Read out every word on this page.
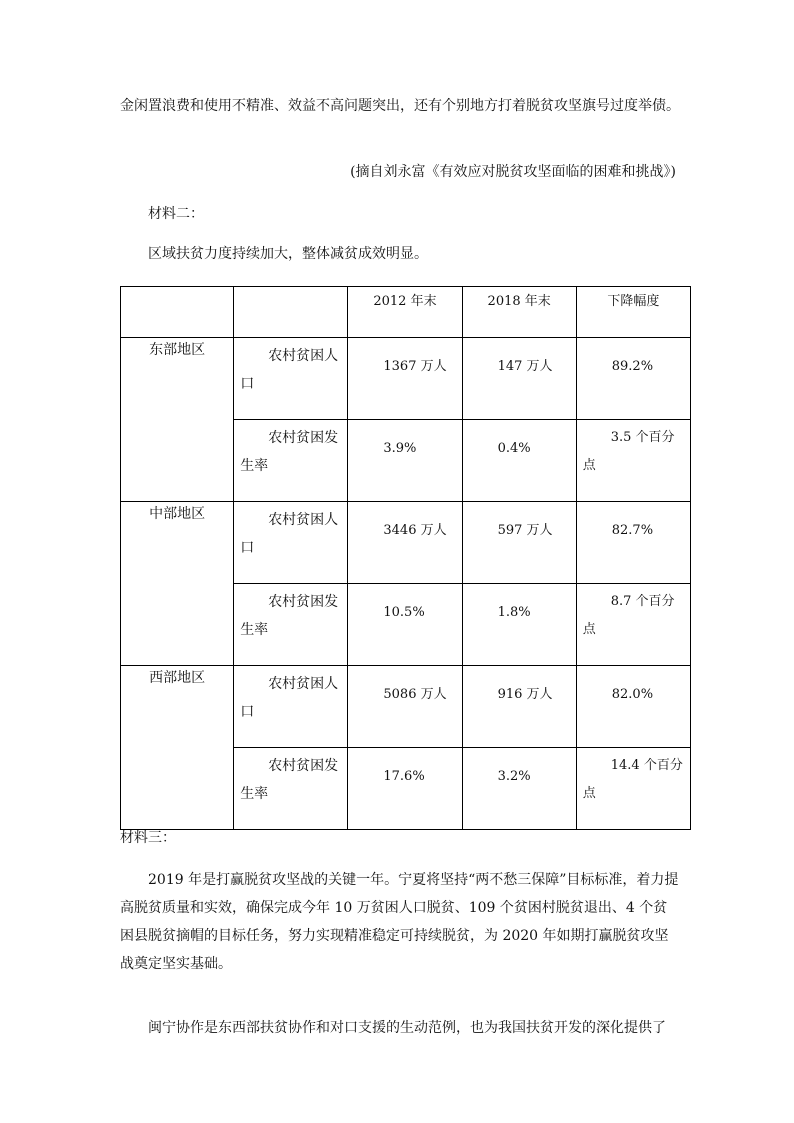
金闲置浪费和使用不精准、效益不高问题突出，还有个别地方打着脱贫攻坚旗号过度举债。

(摘自刘永富《有效应对脱贫攻坚面临的困难和挑战》)

材料二：

区域扶贫力度持续加大，整体减贫成效明显。

		2012 年末	2018 年末	下降幅度

东部地区	农村贫困人口	1367 万人	147 万人	89.2%

	农村贫困发生率	3.9%	0.4%	3.5 个百分点

中部地区	农村贫困人口	3446 万人	597 万人	82.7%

	农村贫困发生率	10.5%	1.8%	8.7 个百分点

西部地区	农村贫困人口	5086 万人	916 万人	82.0%

	农村贫困发生率	17.6%	3.2%	14.4 个百分点

材料三：

2019 年是打赢脱贫攻坚战的关键一年。宁夏将坚持“两不愁三保障”目标标准，着力提高脱贫质量和实效，确保完成今年 10 万贫困人口脱贫、109 个贫困村脱贫退出、4 个贫困县脱贫摘帽的目标任务，努力实现精准稳定可持续脱贫，为 2020 年如期打赢脱贫攻坚战奠定坚实基础。

闽宁协作是东西部扶贫协作和对口支援的生动范例，也为我国扶贫开发的深化提供了
